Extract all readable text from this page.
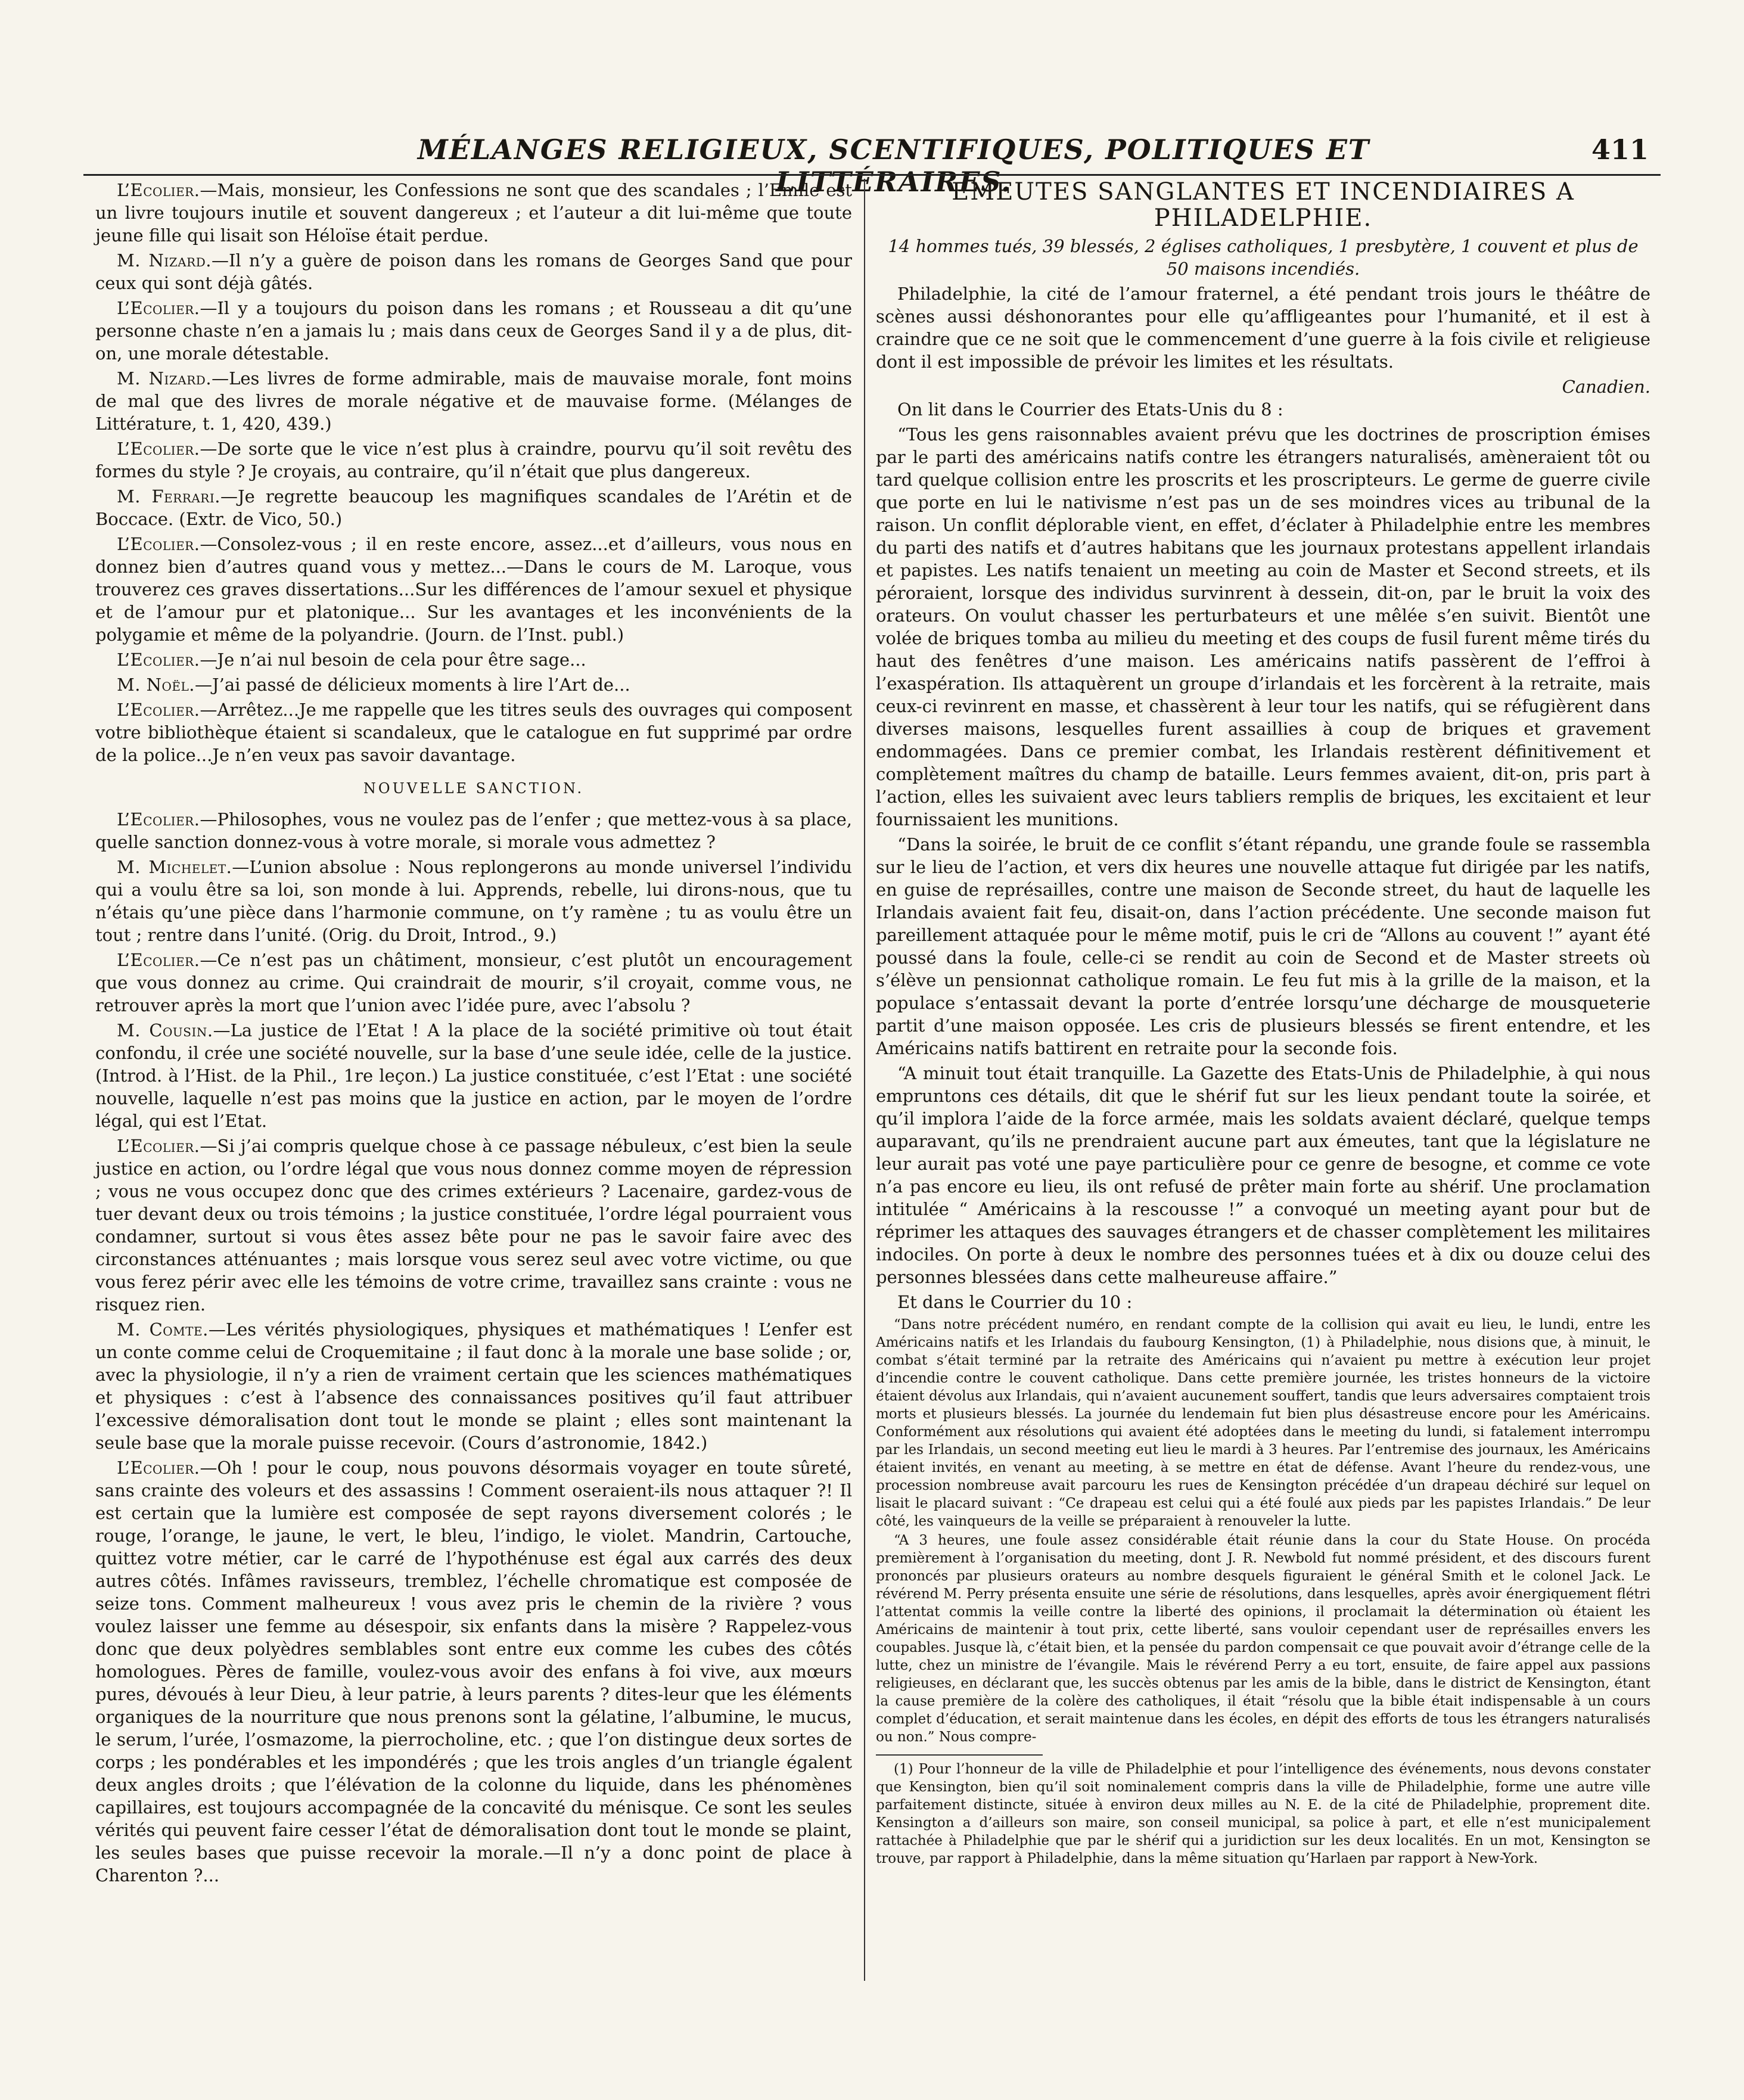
MÉLANGES RELIGIEUX, SCENTIFIQUES, POLITIQUES ET LITTÉRAIRES.
411

L’Ecolier.—Mais, monsieur, les Confessions ne sont que des scandales ; l’Emile est un livre toujours inutile et souvent dangereux ; et l’auteur a dit lui-même que toute jeune fille qui lisait son Héloïse était perdue.

M. Nizard.—Il n’y a guère de poison dans les romans de Georges Sand que pour ceux qui sont déjà gâtés.

L’Ecolier.—Il y a toujours du poison dans les romans ; et Rousseau a dit qu’une personne chaste n’en a jamais lu ; mais dans ceux de Georges Sand il y a de plus, dit-on, une morale détestable.

M. Nizard.—Les livres de forme admirable, mais de mauvaise morale, font moins de mal que des livres de morale négative et de mauvaise forme. (Mélanges de Littérature, t. 1, 420, 439.)

L’Ecolier.—De sorte que le vice n’est plus à craindre, pourvu qu’il soit revêtu des formes du style ? Je croyais, au contraire, qu’il n’était que plus dangereux.

M. Ferrari.—Je regrette beaucoup les magnifiques scandales de l’Arétin et de Boccace. (Extr. de Vico, 50.)

L’Ecolier.—Consolez-vous ; il en reste encore, assez...et d’ailleurs, vous nous en donnez bien d’autres quand vous y mettez...—Dans le cours de M. Laroque, vous trouverez ces graves dissertations...Sur les différences de l’amour sexuel et physique et de l’amour pur et platonique... Sur les avantages et les inconvénients de la polygamie et même de la polyandrie. (Journ. de l’Inst. publ.)

L’Ecolier.—Je n’ai nul besoin de cela pour être sage...

M. Noël.—J’ai passé de délicieux moments à lire l’Art de...

L’Ecolier.—Arrêtez...Je me rappelle que les titres seuls des ouvrages qui composent votre bibliothèque étaient si scandaleux, que le catalogue en fut supprimé par ordre de la police...Je n’en veux pas savoir davantage.

NOUVELLE SANCTION.

L’Ecolier.—Philosophes, vous ne voulez pas de l’enfer ; que mettez-vous à sa place, quelle sanction donnez-vous à votre morale, si morale vous admettez ?

M. Michelet.—L’union absolue : Nous replongerons au monde universel l’individu qui a voulu être sa loi, son monde à lui. Apprends, rebelle, lui dirons-nous, que tu n’étais qu’une pièce dans l’harmonie commune, on t’y ramène ; tu as voulu être un tout ; rentre dans l’unité. (Orig. du Droit, Introd., 9.)

L’Ecolier.—Ce n’est pas un châtiment, monsieur, c’est plutôt un encouragement que vous donnez au crime. Qui craindrait de mourir, s’il croyait, comme vous, ne retrouver après la mort que l’union avec l’idée pure, avec l’absolu ?

M. Cousin.—La justice de l’Etat ! A la place de la société primitive où tout était confondu, il crée une société nouvelle, sur la base d’une seule idée, celle de la justice. (Introd. à l’Hist. de la Phil., 1re leçon.) La justice constituée, c’est l’Etat : une société nouvelle, laquelle n’est pas moins que la justice en action, par le moyen de l’ordre légal, qui est l’Etat.

L’Ecolier.—Si j’ai compris quelque chose à ce passage nébuleux, c’est bien la seule justice en action, ou l’ordre légal que vous nous donnez comme moyen de répression ; vous ne vous occupez donc que des crimes extérieurs ? Lacenaire, gardez-vous de tuer devant deux ou trois témoins ; la justice constituée, l’ordre légal pourraient vous condamner, surtout si vous êtes assez bête pour ne pas le savoir faire avec des circonstances atténuantes ; mais lorsque vous serez seul avec votre victime, ou que vous ferez périr avec elle les témoins de votre crime, travaillez sans crainte : vous ne risquez rien.

M. Comte.—Les vérités physiologiques, physiques et mathématiques ! L’enfer est un conte comme celui de Croquemitaine ; il faut donc à la morale une base solide ; or, avec la physiologie, il n’y a rien de vraiment certain que les sciences mathématiques et physiques : c’est à l’absence des connaissances positives qu’il faut attribuer l’excessive démoralisation dont tout le monde se plaint ; elles sont maintenant la seule base que la morale puisse recevoir. (Cours d’astronomie, 1842.)

L’Ecolier.—Oh ! pour le coup, nous pouvons désormais voyager en toute sûreté, sans crainte des voleurs et des assassins ! Comment oseraient-ils nous attaquer ?! Il est certain que la lumière est composée de sept rayons diversement colorés ; le rouge, l’orange, le jaune, le vert, le bleu, l’indigo, le violet. Mandrin, Cartouche, quittez votre métier, car le carré de l’hypothénuse est égal aux carrés des deux autres côtés. Infâmes ravisseurs, tremblez, l’échelle chromatique est composée de seize tons. Comment malheureux ! vous avez pris le chemin de la rivière ? vous voulez laisser une femme au désespoir, six enfants dans la misère ? Rappelez-vous donc que deux polyèdres semblables sont entre eux comme les cubes des côtés homologues. Pères de famille, voulez-vous avoir des enfans à foi vive, aux mœurs pures, dévoués à leur Dieu, à leur patrie, à leurs parents ? dites-leur que les éléments organiques de la nourriture que nous prenons sont la gélatine, l’albumine, le mucus, le serum, l’urée, l’osmazome, la pierrocholine, etc. ; que l’on distingue deux sortes de corps ; les pondérables et les impondérés ; que les trois angles d’un triangle égalent deux angles droits ; que l’élévation de la colonne du liquide, dans les phénomènes capillaires, est toujours accompagnée de la concavité du ménisque. Ce sont les seules vérités qui peuvent faire cesser l’état de démoralisation dont tout le monde se plaint, les seules bases que puisse recevoir la morale.—Il n’y a donc point de place à Charenton ?...

EMEUTES SANGLANTES ET INCENDIAIRES A PHILADELPHIE.
14 hommes tués, 39 blessés, 2 églises catholiques, 1 presbytère, 1 couvent et plus de 50 maisons incendiés.

Philadelphie, la cité de l’amour fraternel, a été pendant trois jours le théâtre de scènes aussi déshonorantes pour elle qu’affligeantes pour l’humanité, et il est à craindre que ce ne soit que le commencement d’une guerre à la fois civile et religieuse dont il est impossible de prévoir les limites et les résultats.

Canadien.

On lit dans le Courrier des Etats-Unis du 8 :

“Tous les gens raisonnables avaient prévu que les doctrines de proscription émises par le parti des américains natifs contre les étrangers naturalisés, amèneraient tôt ou tard quelque collision entre les proscrits et les proscripteurs. Le germe de guerre civile que porte en lui le nativisme n’est pas un de ses moindres vices au tribunal de la raison. Un conflit déplorable vient, en effet, d’éclater à Philadelphie entre les membres du parti des natifs et d’autres habitans que les journaux protestans appellent irlandais et papistes. Les natifs tenaient un meeting au coin de Master et Second streets, et ils péroraient, lorsque des individus survinrent à dessein, dit-on, par le bruit la voix des orateurs. On voulut chasser les perturbateurs et une mêlée s’en suivit. Bientôt une volée de briques tomba au milieu du meeting et des coups de fusil furent même tirés du haut des fenêtres d’une maison. Les américains natifs passèrent de l’effroi à l’exaspération. Ils attaquèrent un groupe d’irlandais et les forcèrent à la retraite, mais ceux-ci revinrent en masse, et chassèrent à leur tour les natifs, qui se réfugièrent dans diverses maisons, lesquelles furent assaillies à coup de briques et gravement endommagées. Dans ce premier combat, les Irlandais restèrent définitivement et complètement maîtres du champ de bataille. Leurs femmes avaient, dit-on, pris part à l’action, elles les suivaient avec leurs tabliers remplis de briques, les excitaient et leur fournissaient les munitions.

“Dans la soirée, le bruit de ce conflit s’étant répandu, une grande foule se rassembla sur le lieu de l’action, et vers dix heures une nouvelle attaque fut dirigée par les natifs, en guise de représailles, contre une maison de Seconde street, du haut de laquelle les Irlandais avaient fait feu, disait-on, dans l’action précédente. Une seconde maison fut pareillement attaquée pour le même motif, puis le cri de “Allons au couvent !” ayant été poussé dans la foule, celle-ci se rendit au coin de Second et de Master streets où s’élève un pensionnat catholique romain. Le feu fut mis à la grille de la maison, et la populace s’entassait devant la porte d’entrée lorsqu’une décharge de mousqueterie partit d’une maison opposée. Les cris de plusieurs blessés se firent entendre, et les Américains natifs battirent en retraite pour la seconde fois.

“A minuit tout était tranquille. La Gazette des Etats-Unis de Philadelphie, à qui nous empruntons ces détails, dit que le shérif fut sur les lieux pendant toute la soirée, et qu’il implora l’aide de la force armée, mais les soldats avaient déclaré, quelque temps auparavant, qu’ils ne prendraient aucune part aux émeutes, tant que la législature ne leur aurait pas voté une paye particulière pour ce genre de besogne, et comme ce vote n’a pas encore eu lieu, ils ont refusé de prêter main forte au shérif. Une proclamation intitulée “ Américains à la rescousse !” a convoqué un meeting ayant pour but de réprimer les attaques des sauvages étrangers et de chasser complètement les militaires indociles. On porte à deux le nombre des personnes tuées et à dix ou douze celui des personnes blessées dans cette malheureuse affaire.”

Et dans le Courrier du 10 :

“Dans notre précédent numéro, en rendant compte de la collision qui avait eu lieu, le lundi, entre les Américains natifs et les Irlandais du faubourg Kensington, (1) à Philadelphie, nous disions que, à minuit, le combat s’était terminé par la retraite des Américains qui n’avaient pu mettre à exécution leur projet d’incendie contre le couvent catholique. Dans cette première journée, les tristes honneurs de la victoire étaient dévolus aux Irlandais, qui n’avaient aucunement souffert, tandis que leurs adversaires comptaient trois morts et plusieurs blessés. La journée du lendemain fut bien plus désastreuse encore pour les Américains. Conformément aux résolutions qui avaient été adoptées dans le meeting du lundi, si fatalement interrompu par les Irlandais, un second meeting eut lieu le mardi à 3 heures. Par l’entremise des journaux, les Américains étaient invités, en venant au meeting, à se mettre en état de défense. Avant l’heure du rendez-vous, une procession nombreuse avait parcouru les rues de Kensington précédée d’un drapeau déchiré sur lequel on lisait le placard suivant : “Ce drapeau est celui qui a été foulé aux pieds par les papistes Irlandais.” De leur côté, les vainqueurs de la veille se préparaient à renouveler la lutte.

“A 3 heures, une foule assez considérable était réunie dans la cour du State House. On procéda premièrement à l’organisation du meeting, dont J. R. Newbold fut nommé président, et des discours furent prononcés par plusieurs orateurs au nombre desquels figuraient le général Smith et le colonel Jack. Le révérend M. Perry présenta ensuite une série de résolutions, dans lesquelles, après avoir énergiquement flétri l’attentat commis la veille contre la liberté des opinions, il proclamait la détermination où étaient les Américains de maintenir à tout prix, cette liberté, sans vouloir cependant user de représailles envers les coupables. Jusque là, c’était bien, et la pensée du pardon compensait ce que pouvait avoir d’étrange celle de la lutte, chez un ministre de l’évangile. Mais le révérend Perry a eu tort, ensuite, de faire appel aux passions religieuses, en déclarant que, les succès obtenus par les amis de la bible, dans le district de Kensington, étant la cause première de la colère des catholiques, il était “résolu que la bible était indispensable à un cours complet d’éducation, et serait maintenue dans les écoles, en dépit des efforts de tous les étrangers naturalisés ou non.” Nous compre-

(1) Pour l’honneur de la ville de Philadelphie et pour l’intelligence des événements, nous devons constater que Kensington, bien qu’il soit nominalement compris dans la ville de Philadelphie, forme une autre ville parfaitement distincte, située à environ deux milles au N. E. de la cité de Philadelphie, proprement dite. Kensington a d’ailleurs son maire, son conseil municipal, sa police à part, et elle n’est municipalement rattachée à Philadelphie que par le shérif qui a juridiction sur les deux localités. En un mot, Kensington se trouve, par rapport à Philadelphie, dans la même situation qu’Harlaen par rapport à New-York.
